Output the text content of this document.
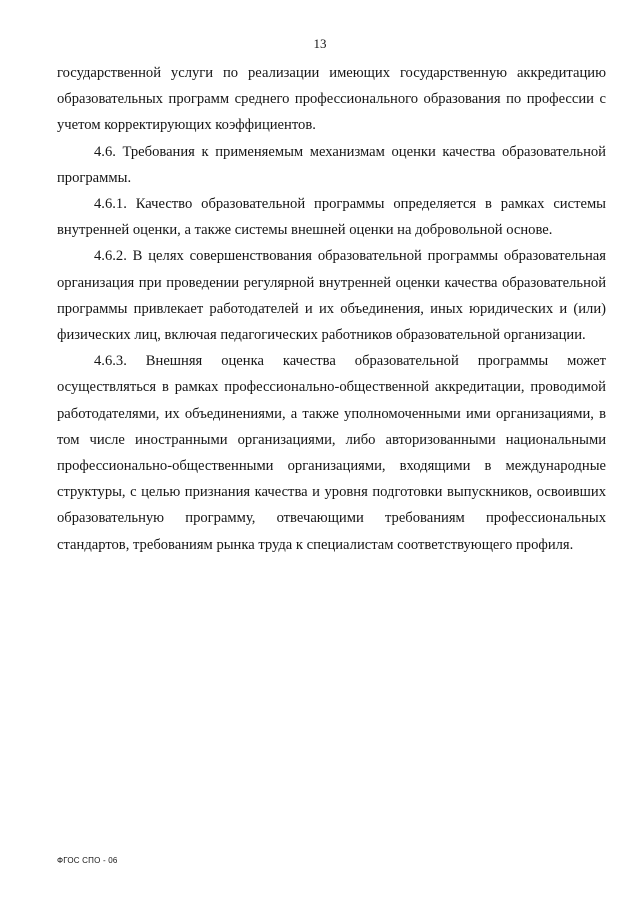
13

государственной услуги по реализации имеющих государственную аккредитацию образовательных программ среднего профессионального образования по профессии с учетом корректирующих коэффициентов.

4.6. Требования к применяемым механизмам оценки качества образовательной программы.

4.6.1. Качество образовательной программы определяется в рамках системы внутренней оценки, а также системы внешней оценки на добровольной основе.

4.6.2. В целях совершенствования образовательной программы образовательная организация при проведении регулярной внутренней оценки качества образовательной программы привлекает работодателей и их объединения, иных юридических и (или) физических лиц, включая педагогических работников образовательной организации.

4.6.3. Внешняя оценка качества образовательной программы может осуществляться в рамках профессионально-общественной аккредитации, проводимой работодателями, их объединениями, а также уполномоченными ими организациями, в том числе иностранными организациями, либо авторизованными национальными профессионально-общественными организациями, входящими в международные структуры, с целью признания качества и уровня подготовки выпускников, освоивших образовательную программу, отвечающими требованиям профессиональных стандартов, требованиям рынка труда к специалистам соответствующего профиля.

ФГОС СПО - 06
